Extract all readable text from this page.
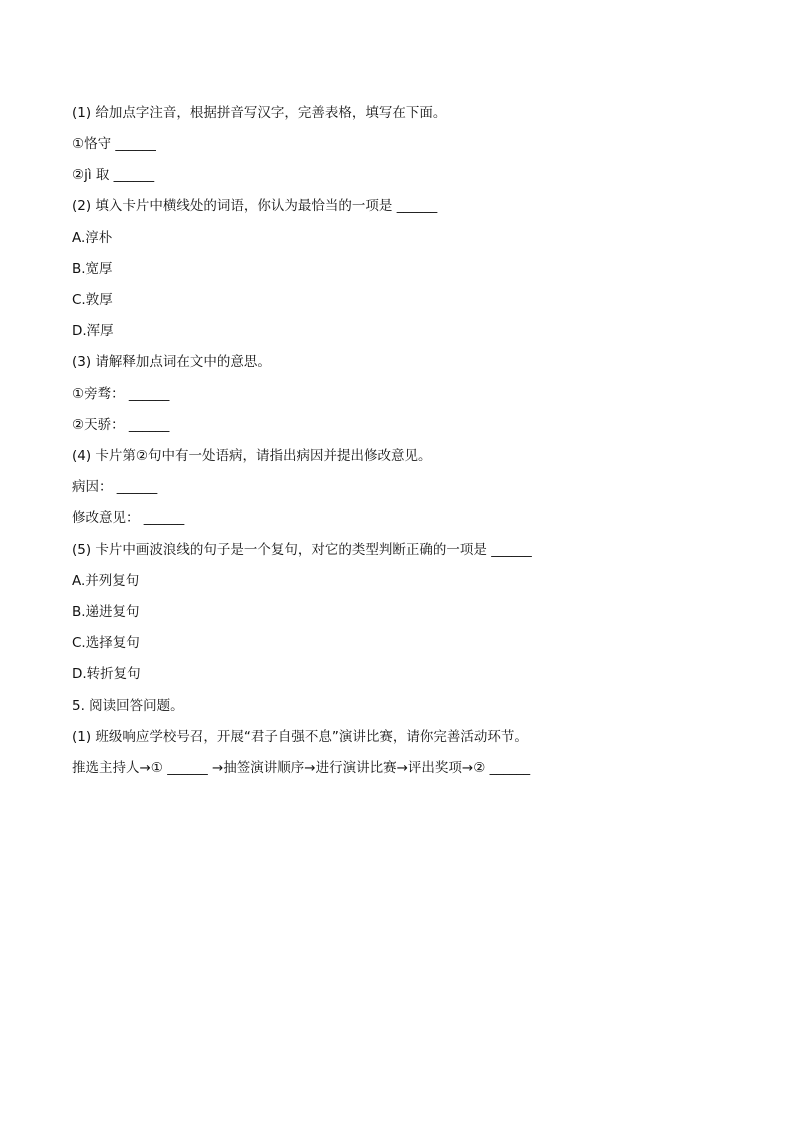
(1) 给加点字注音，根据拼音写汉字，完善表格，填写在下面。
①恪守 ______
②jì 取 ______
(2) 填入卡片中横线处的词语，你认为最恰当的一项是 ______
A.淳朴
B.宽厚
C.敦厚
D.浑厚
(3) 请解释加点词在文中的意思。
①旁骛： ______
②天骄： ______
(4) 卡片第②句中有一处语病，请指出病因并提出修改意见。
病因： ______
修改意见： ______
(5) 卡片中画波浪线的句子是一个复句，对它的类型判断正确的一项是 ______
A.并列复句
B.递进复句
C.选择复句
D.转折复句
5. 阅读回答问题。
(1) 班级响应学校号召，开展“君子自强不息”演讲比赛，请你完善活动环节。
推选主持人→① ______ →抽签演讲顺序→进行演讲比赛→评出奖项→② ______
